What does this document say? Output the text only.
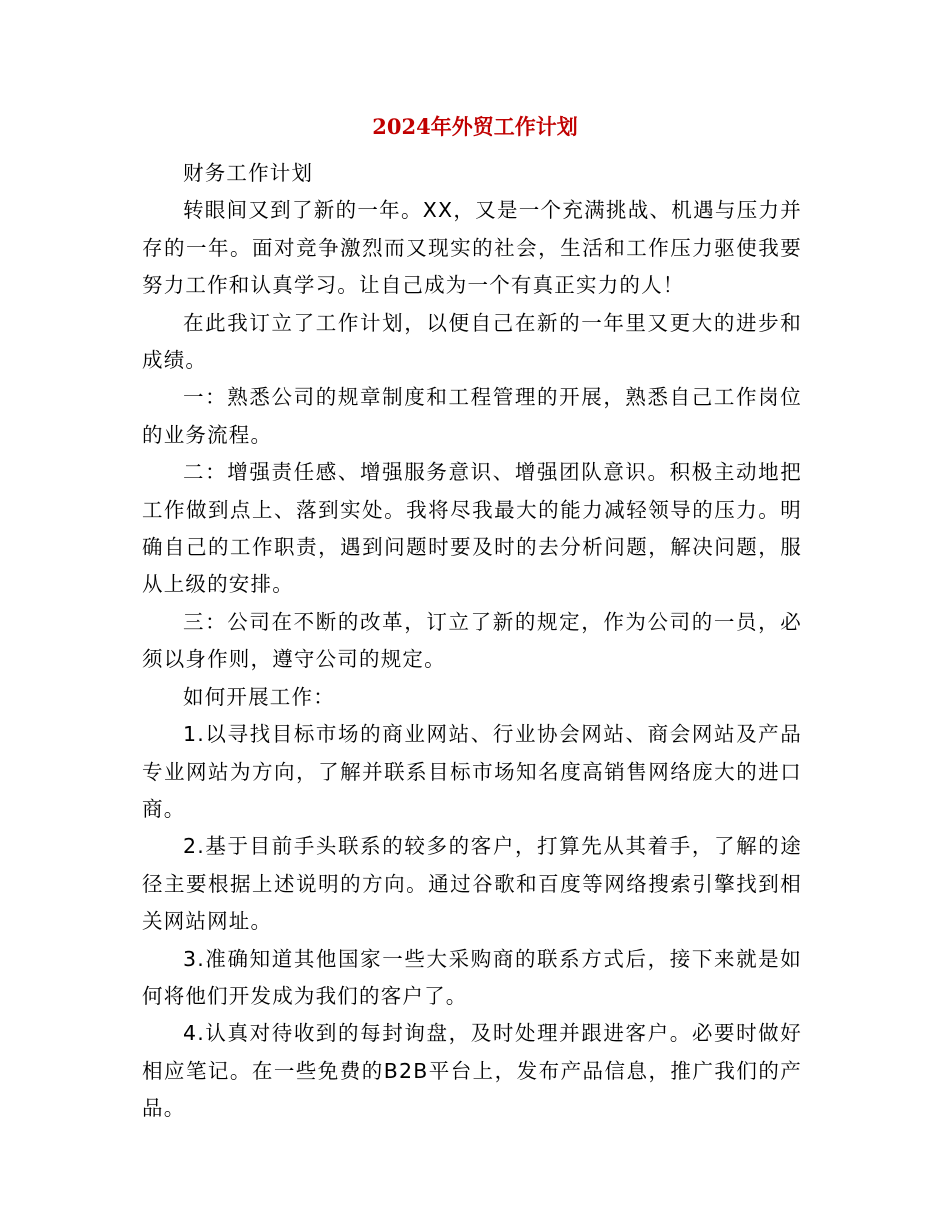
2024年外贸工作计划

财务工作计划

转眼间又到了新的一年。XX，又是一个充满挑战、机遇与压力并存的一年。面对竞争激烈而又现实的社会，生活和工作压力驱使我要努力工作和认真学习。让自己成为一个有真正实力的人！

在此我订立了工作计划，以便自己在新的一年里又更大的进步和成绩。

一：熟悉公司的规章制度和工程管理的开展，熟悉自己工作岗位的业务流程。

二：增强责任感、增强服务意识、增强团队意识。积极主动地把工作做到点上、落到实处。我将尽我最大的能力减轻领导的压力。明确自己的工作职责，遇到问题时要及时的去分析问题，解决问题，服从上级的安排。

三：公司在不断的改革，订立了新的规定，作为公司的一员，必须以身作则，遵守公司的规定。

如何开展工作：

1.以寻找目标市场的商业网站、行业协会网站、商会网站及产品专业网站为方向，了解并联系目标市场知名度高销售网络庞大的进口商。

2.基于目前手头联系的较多的客户，打算先从其着手，了解的途径主要根据上述说明的方向。通过谷歌和百度等网络搜索引擎找到相关网站网址。

3.准确知道其他国家一些大采购商的联系方式后，接下来就是如何将他们开发成为我们的客户了。

4.认真对待收到的每封询盘，及时处理并跟进客户。必要时做好相应笔记。在一些免费的B2B平台上，发布产品信息，推广我们的产品。
